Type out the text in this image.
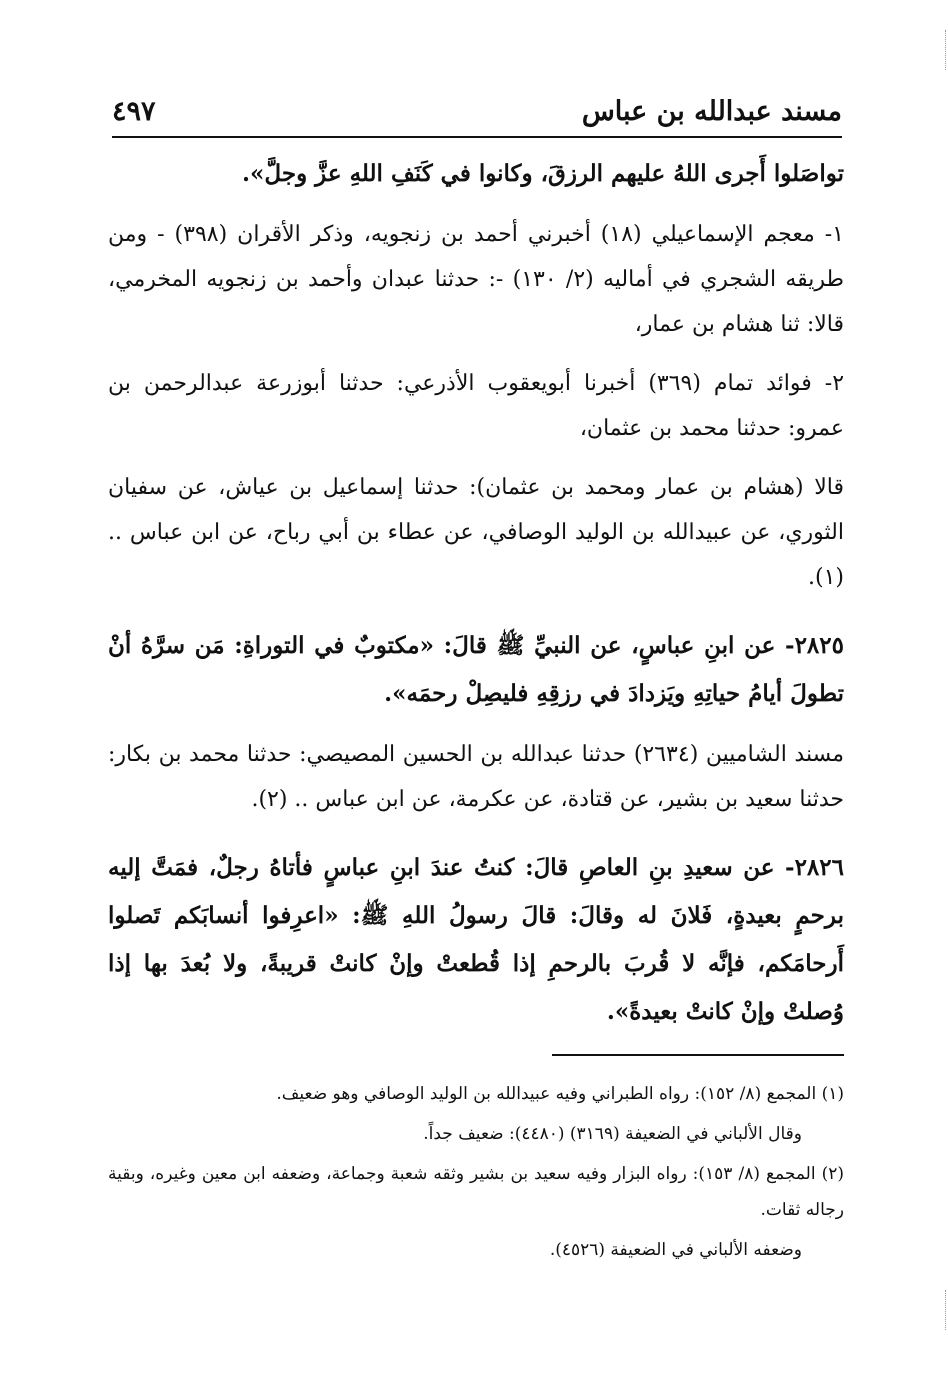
مسند عبدالله بن عباس
٤٩٧

تواصَلوا أَجرى اللهُ عليهم الرزقَ، وكانوا في كَنَفِ اللهِ عزَّ وجلَّ».

١- معجم الإسماعيلي (١٨) أخبرني أحمد بن زنجويه، وذكر الأقران (٣٩٨) - ومن طريقه الشجري في أماليه (٢/ ١٣٠) -: حدثنا عبدان وأحمد بن زنجويه المخرمي، قالا: ثنا هشام بن عمار،

٢- فوائد تمام (٣٦٩) أخبرنا أبويعقوب الأذرعي: حدثنا أبوزرعة عبدالرحمن بن عمرو: حدثنا محمد بن عثمان،

قالا (هشام بن عمار ومحمد بن عثمان): حدثنا إسماعيل بن عياش، عن سفيان الثوري، عن عبيدالله بن الوليد الوصافي، عن عطاء بن أبي رباح، عن ابن عباس .. (١).

٢٨٢٥- عن ابنِ عباسٍ، عن النبيِّ ﷺ قالَ: «مكتوبٌ في التوراةِ: مَن سرَّهُ أنْ تطولَ أيامُ حياتِهِ ويَزدادَ في رزقِهِ فليصِلْ رحمَه».

مسند الشاميين (٢٦٣٤) حدثنا عبدالله بن الحسين المصيصي: حدثنا محمد بن بكار: حدثنا سعيد بن بشير، عن قتادة، عن عكرمة، عن ابن عباس .. (٢).

٢٨٢٦- عن سعيدِ بنِ العاصِ قالَ: كنتُ عندَ ابنِ عباسٍ فأتاهُ رجلٌ، فمَتَّ إليه برحمٍ بعيدةٍ، فَلانَ له وقالَ: قالَ رسولُ اللهِ ﷺ: «اعرِفوا أنسابَكم تَصلوا أَرحامَكم، فإنَّه لا قُربَ بالرحمِ إذا قُطعتْ وإنْ كانتْ قريبةً، ولا بُعدَ بها إذا وُصلتْ وإنْ كانتْ بعيدةً».

(١) المجمع (٨/ ١٥٢): رواه الطبراني وفيه عبيدالله بن الوليد الوصافي وهو ضعيف.

وقال الألباني في الضعيفة (٣١٦٩) (٤٤٨٠): ضعيف جداً.

(٢) المجمع (٨/ ١٥٣): رواه البزار وفيه سعيد بن بشير وثقه شعبة وجماعة، وضعفه ابن معين وغيره، وبقية رجاله ثقات.

وضعفه الألباني في الضعيفة (٤٥٢٦).
